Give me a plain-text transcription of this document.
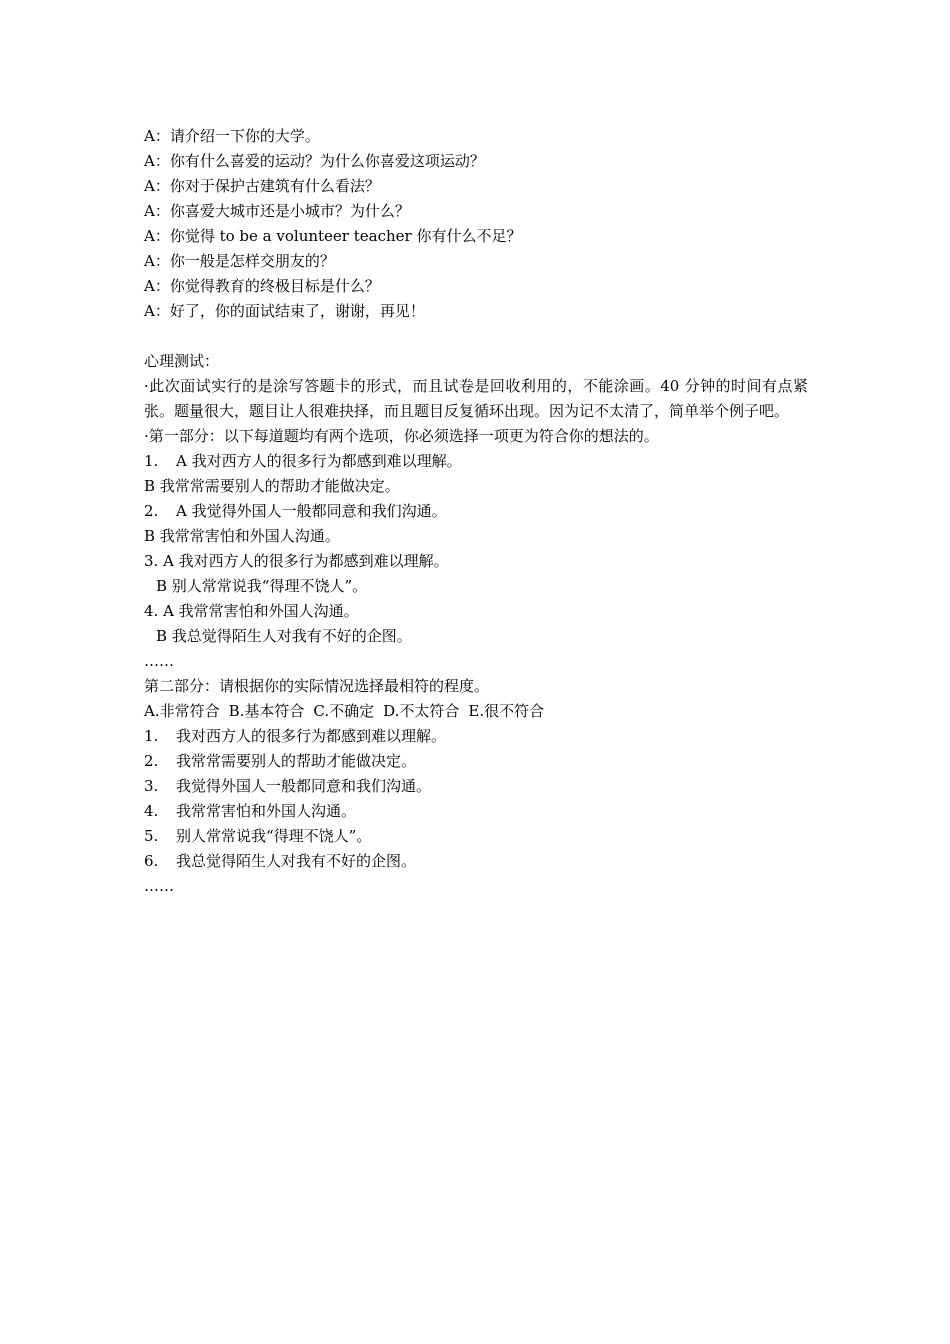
A：请介绍一下你的大学。

A：你有什么喜爱的运动？为什么你喜爱这项运动？

A：你对于保护古建筑有什么看法？

A：你喜爱大城市还是小城市？为什么？

A：你觉得 to be a volunteer teacher 你有什么不足？

A：你一般是怎样交朋友的？

A：你觉得教育的终极目标是什么？

A：好了，你的面试结束了，谢谢，再见！

心理测试：

·此次面试实行的是涂写答题卡的形式，而且试卷是回收利用的，不能涂画。40 分钟的时间有点紧张。题量很大，题目让人很难抉择，而且题目反复循环出现。因为记不太清了，简单举个例子吧。

·第一部分：以下每道题均有两个选项，你必须选择一项更为符合你的想法的。

1. A 我对西方人的很多行为都感到难以理解。

B 我常常需要别人的帮助才能做决定。

2. A 我觉得外国人一般都同意和我们沟通。

B 我常常害怕和外国人沟通。

3. A 我对西方人的很多行为都感到难以理解。

B 别人常常说我“得理不饶人”。

4. A 我常常害怕和外国人沟通。

B 我总觉得陌生人对我有不好的企图。

……

第二部分：请根据你的实际情况选择最相符的程度。

A.非常符合 B.基本符合 C.不确定 D.不太符合 E.很不符合

1. 我对西方人的很多行为都感到难以理解。

2. 我常常需要别人的帮助才能做决定。

3. 我觉得外国人一般都同意和我们沟通。

4. 我常常害怕和外国人沟通。

5. 别人常常说我“得理不饶人”。

6. 我总觉得陌生人对我有不好的企图。

……
